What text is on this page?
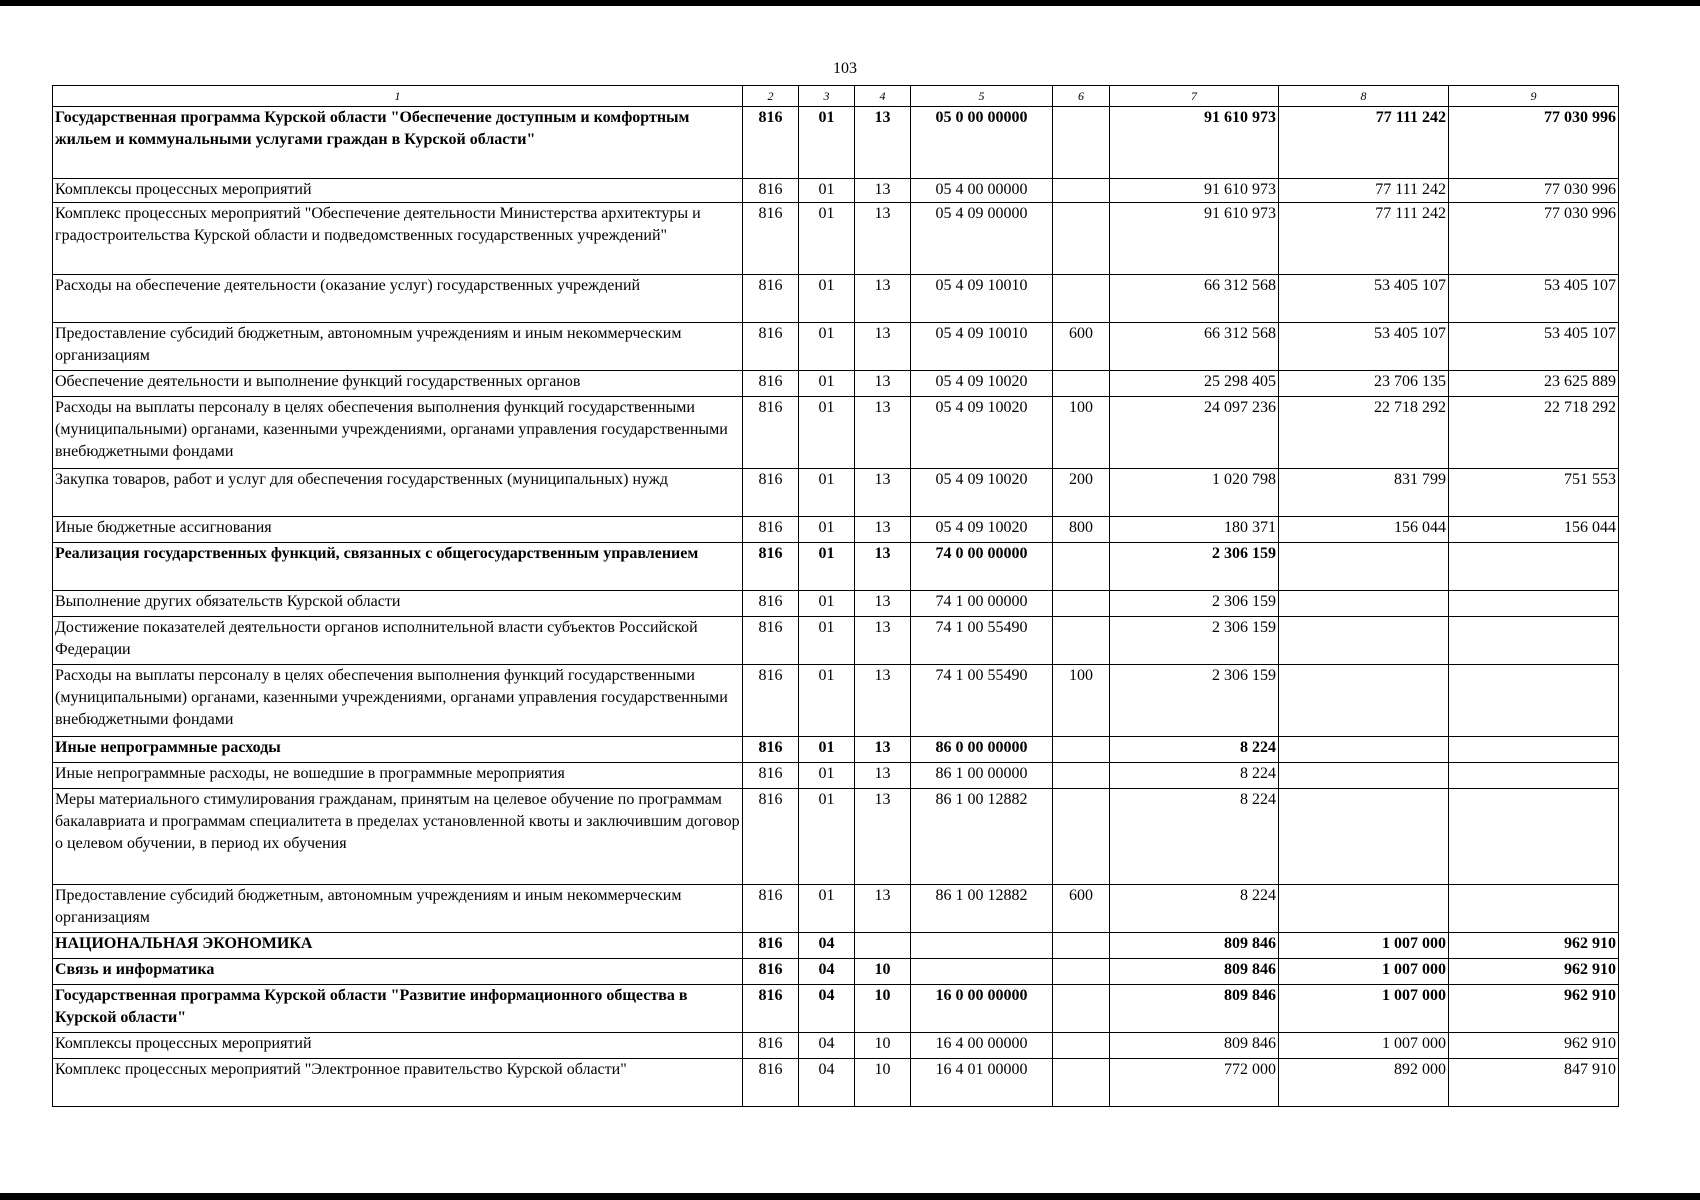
103
1	2	3	4	5	6	7	8	9
Государственная программа Курской области "Обеспечение доступным и комфортным жильем и коммунальными услугами граждан в Курской области"	816	01	13	05 0 00 00000		91 610 973	77 111 242	77 030 996
Комплексы процессных мероприятий	816	01	13	05 4 00 00000		91 610 973	77 111 242	77 030 996
Комплекс процессных мероприятий "Обеспечение деятельности Министерства архитектуры и градостроительства Курской области и подведомственных государственных учреждений"	816	01	13	05 4 09 00000		91 610 973	77 111 242	77 030 996
Расходы на обеспечение деятельности (оказание услуг) государственных учреждений	816	01	13	05 4 09 10010		66 312 568	53 405 107	53 405 107
Предоставление субсидий бюджетным, автономным учреждениям и иным некоммерческим организациям	816	01	13	05 4 09 10010	600	66 312 568	53 405 107	53 405 107
Обеспечение деятельности и выполнение функций государственных органов	816	01	13	05 4 09 10020		25 298 405	23 706 135	23 625 889
Расходы на выплаты персоналу в целях обеспечения выполнения функций государственными (муниципальными) органами, казенными учреждениями, органами управления государственными внебюджетными фондами	816	01	13	05 4 09 10020	100	24 097 236	22 718 292	22 718 292
Закупка товаров, работ и услуг для обеспечения государственных (муниципальных) нужд	816	01	13	05 4 09 10020	200	1 020 798	831 799	751 553
Иные бюджетные ассигнования	816	01	13	05 4 09 10020	800	180 371	156 044	156 044
Реализация государственных функций, связанных с общегосударственным управлением	816	01	13	74 0 00 00000		2 306 159		
Выполнение других обязательств Курской области	816	01	13	74 1 00 00000		2 306 159		
Достижение показателей деятельности органов исполнительной власти субъектов Российской Федерации	816	01	13	74 1 00 55490		2 306 159		
Расходы на выплаты персоналу в целях обеспечения выполнения функций государственными (муниципальными) органами, казенными учреждениями, органами управления государственными внебюджетными фондами	816	01	13	74 1 00 55490	100	2 306 159		
Иные непрограммные расходы	816	01	13	86 0 00 00000		8 224		
Иные непрограммные расходы, не вошедшие в программные мероприятия	816	01	13	86 1 00 00000		8 224		
Меры материального стимулирования гражданам, принятым на целевое обучение по программам бакалавриата и программам специалитета в пределах установленной квоты и заключившим договор о целевом обучении, в период их обучения	816	01	13	86 1 00 12882		8 224		
Предоставление субсидий бюджетным, автономным учреждениям и иным некоммерческим организациям	816	01	13	86 1 00 12882	600	8 224		
НАЦИОНАЛЬНАЯ ЭКОНОМИКА	816	04				809 846	1 007 000	962 910
Связь и информатика	816	04	10			809 846	1 007 000	962 910
Государственная программа Курской области "Развитие информационного общества в Курской области"	816	04	10	16 0 00 00000		809 846	1 007 000	962 910
Комплексы процессных мероприятий	816	04	10	16 4 00 00000		809 846	1 007 000	962 910
Комплекс процессных мероприятий "Электронное правительство Курской области"	816	04	10	16 4 01 00000		772 000	892 000	847 910
